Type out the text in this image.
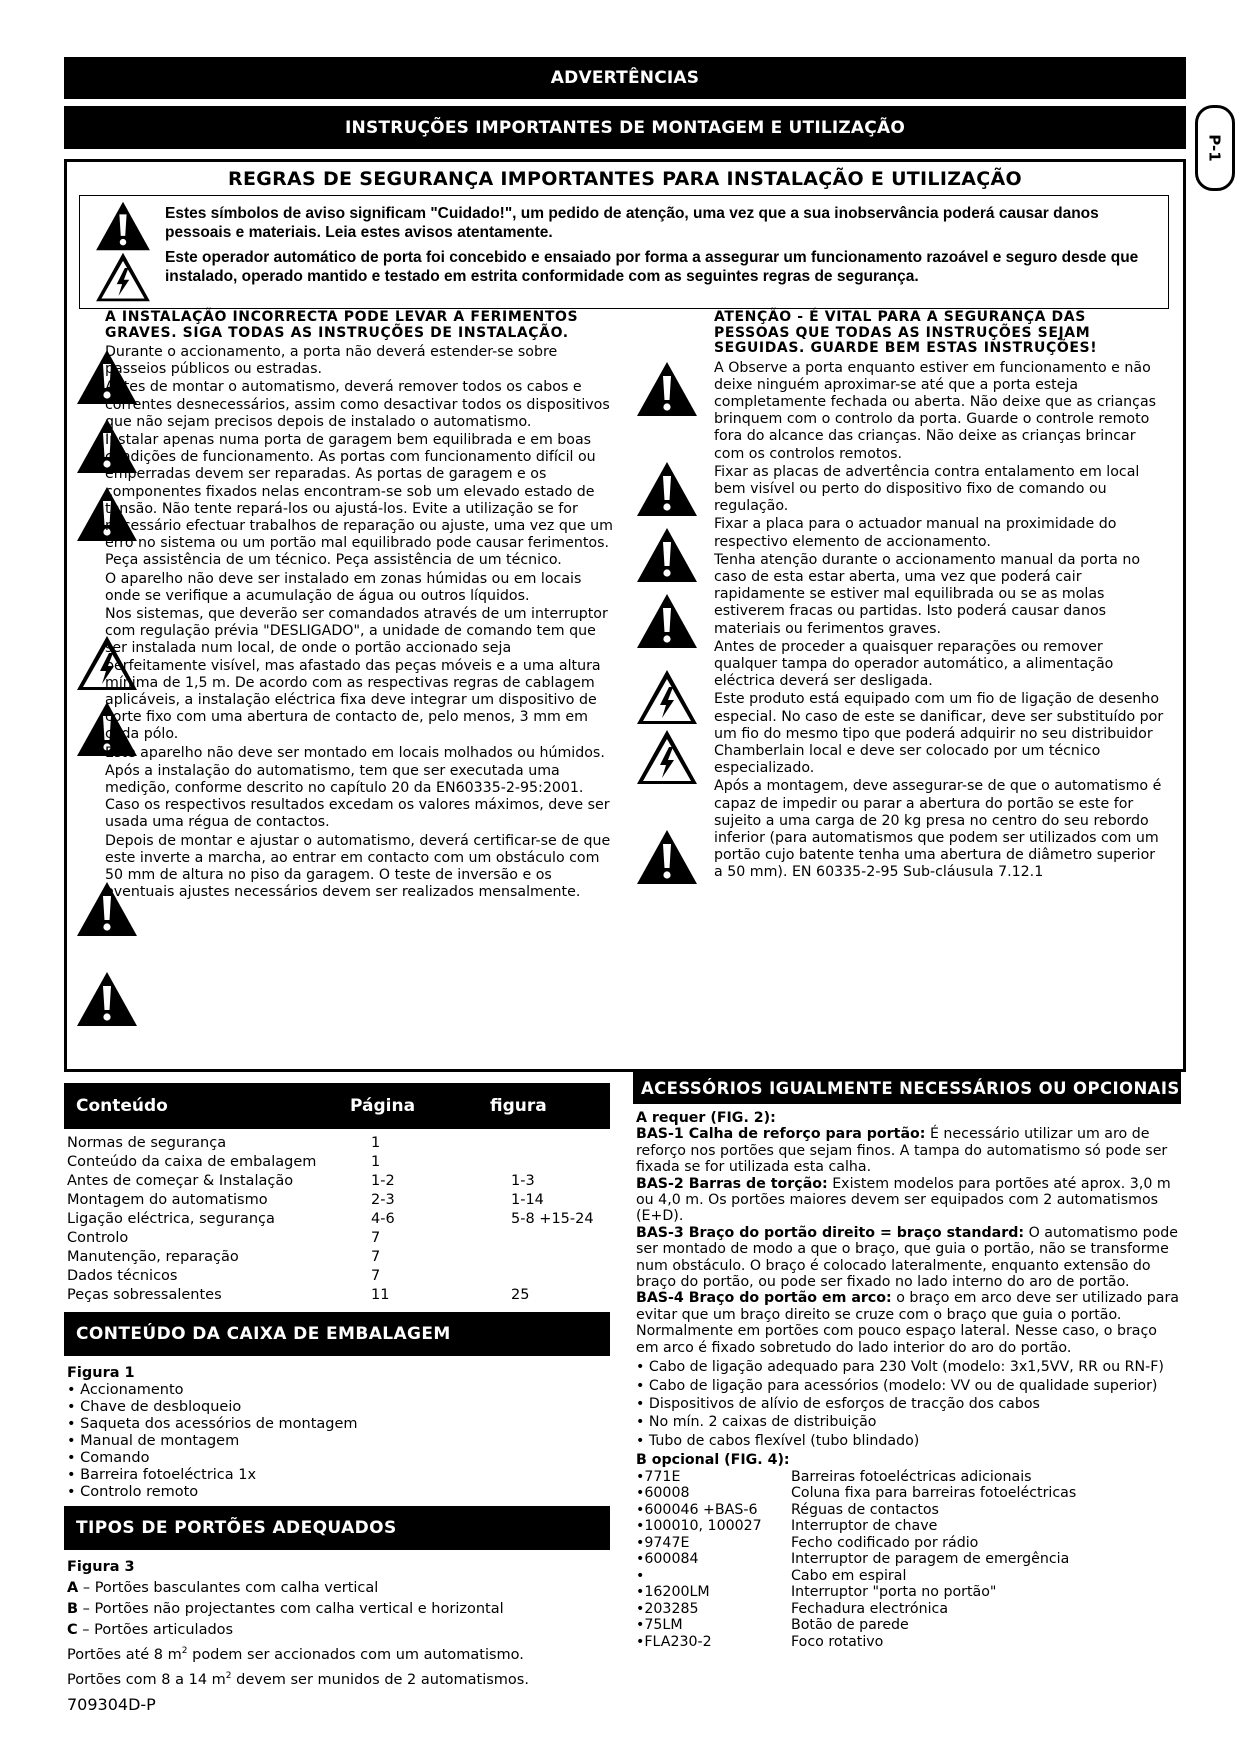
ADVERTÊNCIAS
INSTRUÇÕES IMPORTANTES DE MONTAGEM E UTILIZAÇÃO
P-1
REGRAS DE SEGURANÇA IMPORTANTES PARA INSTALAÇÃO E UTILIZAÇÃO

Estes símbolos de aviso significam "Cuidado!", um pedido de atenção, uma vez que a sua inobservância poderá causar danos pessoais e materiais. Leia estes avisos atentamente.

Este operador automático de porta foi concebido e ensaiado por forma a assegurar um funcionamento razoável e seguro desde que instalado, operado mantido e testado em estrita conformidade com as seguintes regras de segurança.

A INSTALAÇÃO INCORRECTA PODE LEVAR A FERIMENTOS GRAVES. SIGA TODAS AS INSTRUÇÕES DE INSTALAÇÃO.

Durante o accionamento, a porta não deverá estender-se sobre passeios públicos ou estradas.

Antes de montar o automatismo, deverá remover todos os cabos e correntes desnecessários, assim como desactivar todos os dispositivos que não sejam precisos depois de instalado o automatismo.

Instalar apenas numa porta de garagem bem equilibrada e em boas condições de funcionamento. As portas com funcionamento difícil ou emperradas devem ser reparadas. As portas de garagem e os componentes fixados nelas encontram-se sob um elevado estado de tensão. Não tente repará-los ou ajustá-los. Evite a utilização se for necessário efectuar trabalhos de reparação ou ajuste, uma vez que um erro no sistema ou um portão mal equilibrado pode causar ferimentos. Peça assistência de um técnico. Peça assistência de um técnico.

O aparelho não deve ser instalado em zonas húmidas ou em locais onde se verifique a acumulação de água ou outros líquidos.

Nos sistemas, que deverão ser comandados através de um interruptor com regulação prévia "DESLIGADO", a unidade de comando tem que ser instalada num local, de onde o portão accionado seja perfeitamente visível, mas afastado das peças móveis e a uma altura mínima de 1,5 m. De acordo com as respectivas regras de cablagem aplicáveis, a instalação eléctrica fixa deve integrar um dispositivo de corte fixo com uma abertura de contacto de, pelo menos, 3 mm em cada pólo.

Este aparelho não deve ser montado em locais molhados ou húmidos.

Após a instalação do automatismo, tem que ser executada uma medição, conforme descrito no capítulo 20 da EN60335-2-95:2001. Caso os respectivos resultados excedam os valores máximos, deve ser usada uma régua de contactos.

Depois de montar e ajustar o automatismo, deverá certificar-se de que este inverte a marcha, ao entrar em contacto com um obstáculo com 50 mm de altura no piso da garagem. O teste de inversão e os eventuais ajustes necessários devem ser realizados mensalmente.

ATENÇÃO - É VITAL PARA A SEGURANÇA DAS PESSOAS QUE TODAS AS INSTRUÇÕES SEJAM SEGUIDAS. GUARDE BEM ESTAS INSTRUÇÕES!

A Observe a porta enquanto estiver em funcionamento e não deixe ninguém aproximar-se até que a porta esteja completamente fechada ou aberta. Não deixe que as crianças brinquem com o controlo da porta. Guarde o controle remoto fora do alcance das crianças. Não deixe as crianças brincar com os controlos remotos.

Fixar as placas de advertência contra entalamento em local bem visível ou perto do dispositivo fixo de comando ou regulação.

Fixar a placa para o actuador manual na proximidade do respectivo elemento de accionamento.

Tenha atenção durante o accionamento manual da porta no caso de esta estar aberta, uma vez que poderá cair rapidamente se estiver mal equilibrada ou se as molas estiverem fracas ou partidas. Isto poderá causar danos materiais ou ferimentos graves.

Antes de proceder a quaisquer reparações ou remover qualquer tampa do operador automático, a alimentação eléctrica deverá ser desligada.

Este produto está equipado com um fio de ligação de desenho especial. No caso de este se danificar, deve ser substituído por um fio do mesmo tipo que poderá adquirir no seu distribuidor Chamberlain local e deve ser colocado por um técnico especializado.

Após a montagem, deve assegurar-se de que o automatismo é capaz de impedir ou parar a abertura do portão se este for sujeito a uma carga de 20 kg presa no centro do seu rebordo inferior (para automatismos que podem ser utilizados com um portão cujo batente tenha uma abertura de diâmetro superior a 50 mm). EN 60335-2-95 Sub-cláusula 7.12.1

Conteúdo	Página	figura
Normas de segurança	1	
Conteúdo da caixa de embalagem	1	
Antes de começar & Instalação	1-2	1-3
Montagem do automatismo	2-3	1-14
Ligação eléctrica, segurança	4-6	5-8 +15-24
Controlo	7	
Manutenção, reparação	7	
Dados técnicos	7	
Peças sobressalentes	11	25
CONTEÚDO DA CAIXA DE EMBALAGEM

Figura 1

• Accionamento
• Chave de desbloqueio
• Saqueta dos acessórios de montagem
• Manual de montagem
• Comando
• Barreira fotoeléctrica 1x
• Controlo remoto
TIPOS DE PORTÕES ADEQUADOS

Figura 3

A – Portões basculantes com calha vertical

B – Portões não projectantes com calha vertical e horizontal

C – Portões articulados

Portões até 8 $m^2$ podem ser accionados com um automatismo.

Portões com 8 a 14 $m^2$ devem ser munidos de 2 automatismos.

709304D-P
ACESSÓRIOS IGUALMENTE NECESSÁRIOS OU OPCIONAIS

A requer (FIG. 2):

BAS-1 Calha de reforço para portão: É necessário utilizar um aro de reforço nos portões que sejam finos. A tampa do automatismo só pode ser fixada se for utilizada esta calha.

BAS-2 Barras de torção: Existem modelos para portões até aprox. 3,0 m ou 4,0 m. Os portões maiores devem ser equipados com 2 automatismos (E+D).

BAS-3 Braço do portão direito = braço standard: O automatismo pode ser montado de modo a que o braço, que guia o portão, não se transforme num obstáculo. O braço é colocado lateralmente, enquanto extensão do braço do portão, ou pode ser fixado no lado interno do aro de portão.

BAS-4 Braço do portão em arco: o braço em arco deve ser utilizado para evitar que um braço direito se cruze com o braço que guia o portão. Normalmente em portões com pouco espaço lateral. Nesse caso, o braço em arco é fixado sobretudo do lado interior do aro do portão.

• Cabo de ligação adequado para 230 Volt (modelo: 3x1,5VV, RR ou RN-F)
• Cabo de ligação para acessórios (modelo: VV ou de qualidade superior)
• Dispositivos de alívio de esforços de tracção dos cabos
• No mín. 2 caixas de distribuição
• Tubo de cabos flexível (tubo blindado)

B opcional (FIG. 4):

•771E	Barreiras fotoeléctricas adicionais
•60008	Coluna fixa para barreiras fotoeléctricas
•600046 +BAS-6	Réguas de contactos
•100010, 100027	Interruptor de chave
•9747E	Fecho codificado por rádio
•600084	Interruptor de paragem de emergência
•	Cabo em espiral
•16200LM	Interruptor "porta no portão"
•203285	Fechadura electrónica
•75LM	Botão de parede
•FLA230-2	Foco rotativo
